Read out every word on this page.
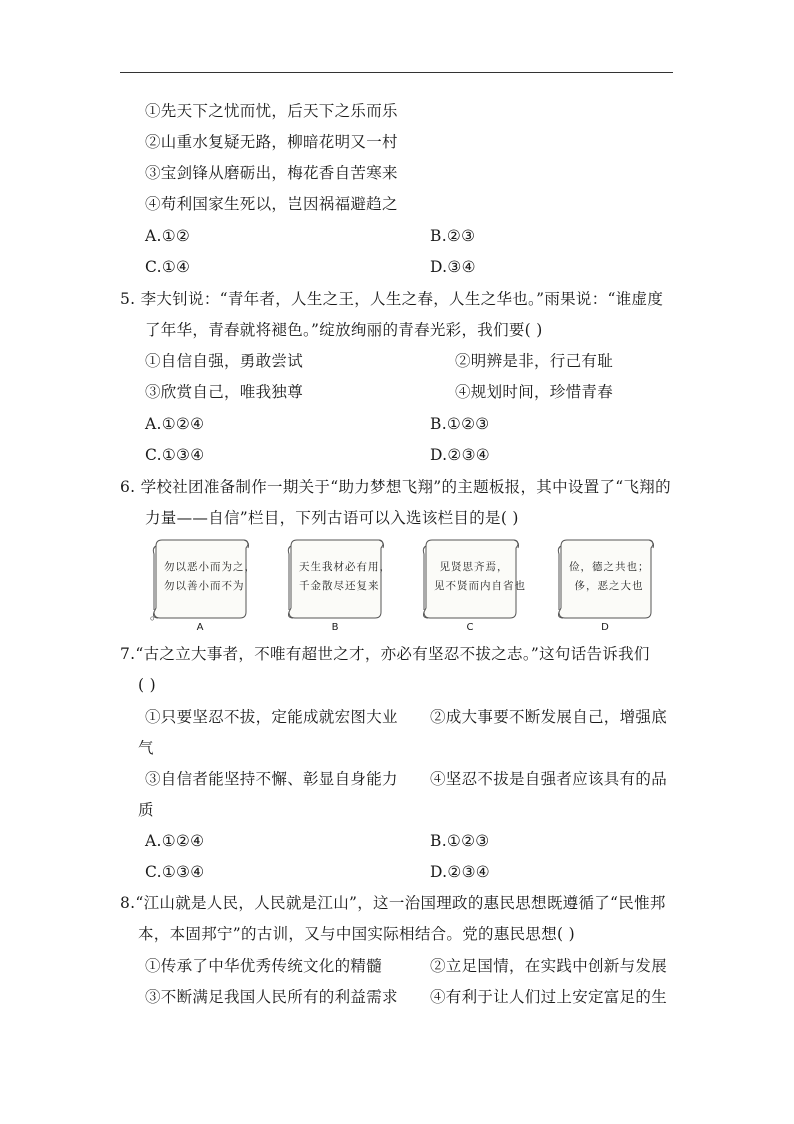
①先天下之忧而忧，后天下之乐而乐
②山重水复疑无路，柳暗花明又一村
③宝剑锋从磨砺出，梅花香自苦寒来
④苟利国家生死以，岂因祸福避趋之
A.①②	B.②③
C.①④	D.③④
5. 李大钊说：“青年者，人生之王，人生之春，人生之华也。”雨果说：“谁虚度
了年华，青春就将褪色。”绽放绚丽的青春光彩，我们要( )
①自信自强，勇敢尝试	②明辨是非，行己有耻
③欣赏自己，唯我独尊	④规划时间，珍惜青春
A.①②④	B.①②③
C.①③④	D.②③④
6. 学校社团准备制作一期关于“助力梦想飞翔”的主题板报，其中设置了“飞翔的
力量——自信”栏目，下列古语可以入选该栏目的是( )
勿以恶小而为之，
勿以善小而不为
A
天生我材必有用，
千金散尽还复来
B
见贤思齐焉，
见不贤而内自省也
C
俭，德之共也；
侈，恶之大也
D
。
7.“古之立大事者，不唯有超世之才，亦必有坚忍不拔之志。”这句话告诉我们
( )
①只要坚忍不拔，定能成就宏图大业 ②成大事要不断发展自己，增强底
气
③自信者能坚持不懈、彰显自身能力 ④坚忍不拔是自强者应该具有的品
质
A.①②④	B.①②③
C.①③④	D.②③④
8.“江山就是人民，人民就是江山”，这一治国理政的惠民思想既遵循了“民惟邦
本，本固邦宁”的古训，又与中国实际相结合。党的惠民思想( )
①传承了中华优秀传统文化的精髓	②立足国情，在实践中创新与发展
③不断满足我国人民所有的利益需求 ④有利于让人们过上安定富足的生
